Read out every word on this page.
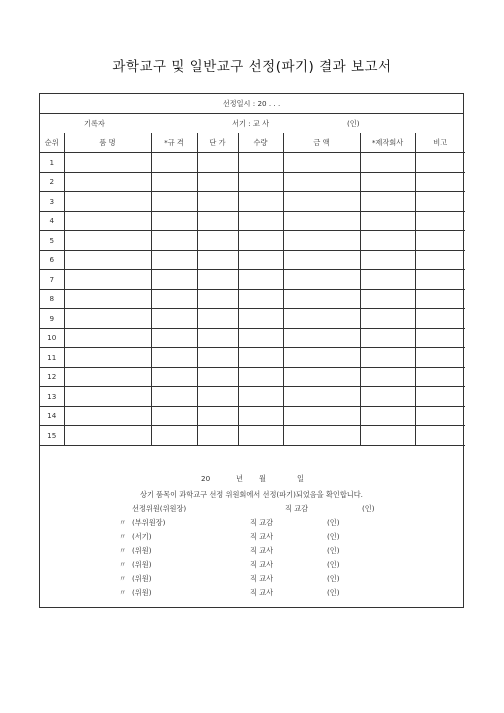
과학교구 및 일반교구 선정(파기) 결과 보고서
선정일시 : 20 . . .
기록자	서기 : 교 사	(인)
순위	품 명	*규 격	단 가	수량	금 액	*제작회사	비고
1							
2							
3							
4							
5							
6							
7							
8							
9							
10							
11							
12							
13							
14							
15							
20	년 월	일
상기 품목이 과학교구 선정 위원회에서 선정(파기)되었음을 확인합니다.
선정위원(위원장)	직 교감	(인)
〃 (부위원장)	직 교감	(인)
〃 (서기)	직 교사	(인)
〃 (위원)	직 교사	(인)
〃 (위원)	직 교사	(인)
〃 (위원)	직 교사	(인)
〃 (위원)	직 교사	(인)
